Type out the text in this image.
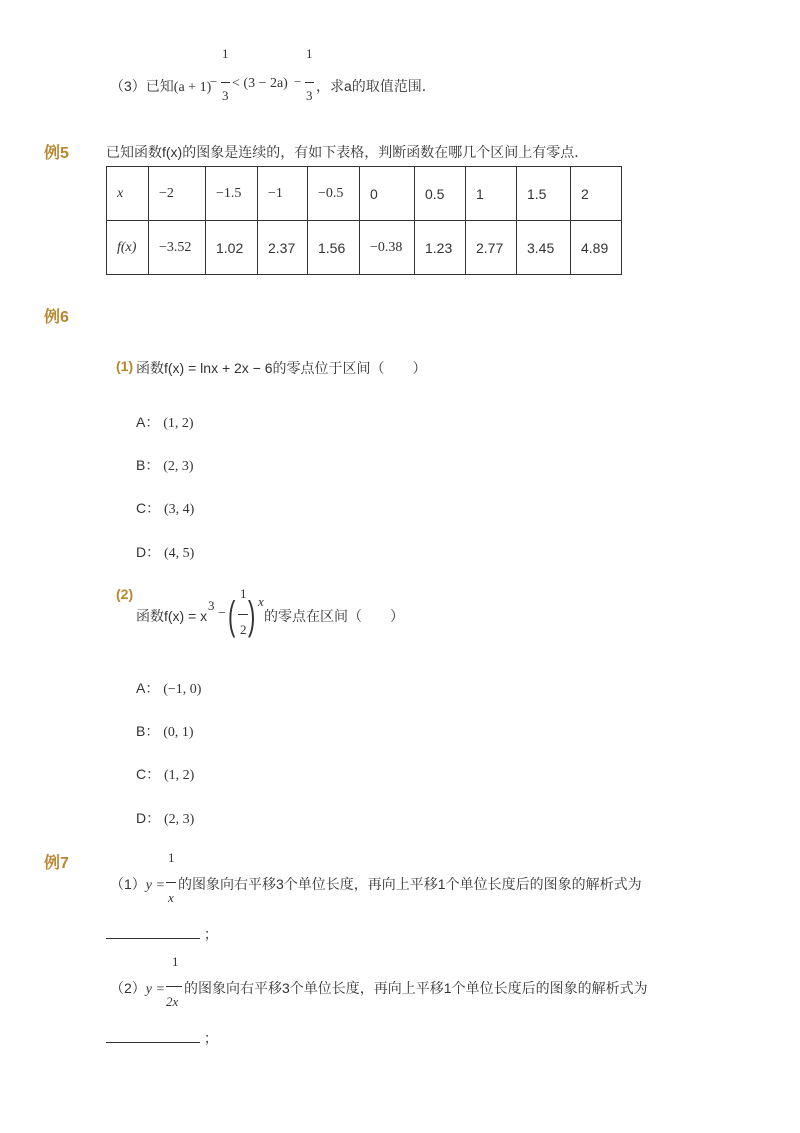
（3）已知(a + 1)
−
1
3
< (3 − 2a) −
1
3
，求a的取值范围．
例5	已知函数f(x)的图象是连续的，有如下表格，判断函数在哪几个区间上有零点．
x	−2	−1.5	−1	−0.5	0	0.5	1	1.5	2
f(x)	−3.52	1.02	2.37	1.56	−0.38	1.23	2.77	3.45	4.89
例6
(1) 函数f(x) = lnx + 2x − 6的零点位于区间（　　）
A： (1, 2)
B： (2, 3)
C： (3, 4)
D： (4, 5)
(2)
函数f(x) = x
3
− (
1
2 ) x
的零点在区间（　　）
A： (−1, 0)
B： (0, 1)
C： (1, 2)
D： (2, 3)
例7
（1）y =
1
x
的图象向右平移3个单位长度，再向上平移1个单位长度后的图象的解析式为
；
（2）y =
1
2x
的图象向右平移3个单位长度，再向上平移1个单位长度后的图象的解析式为
；
